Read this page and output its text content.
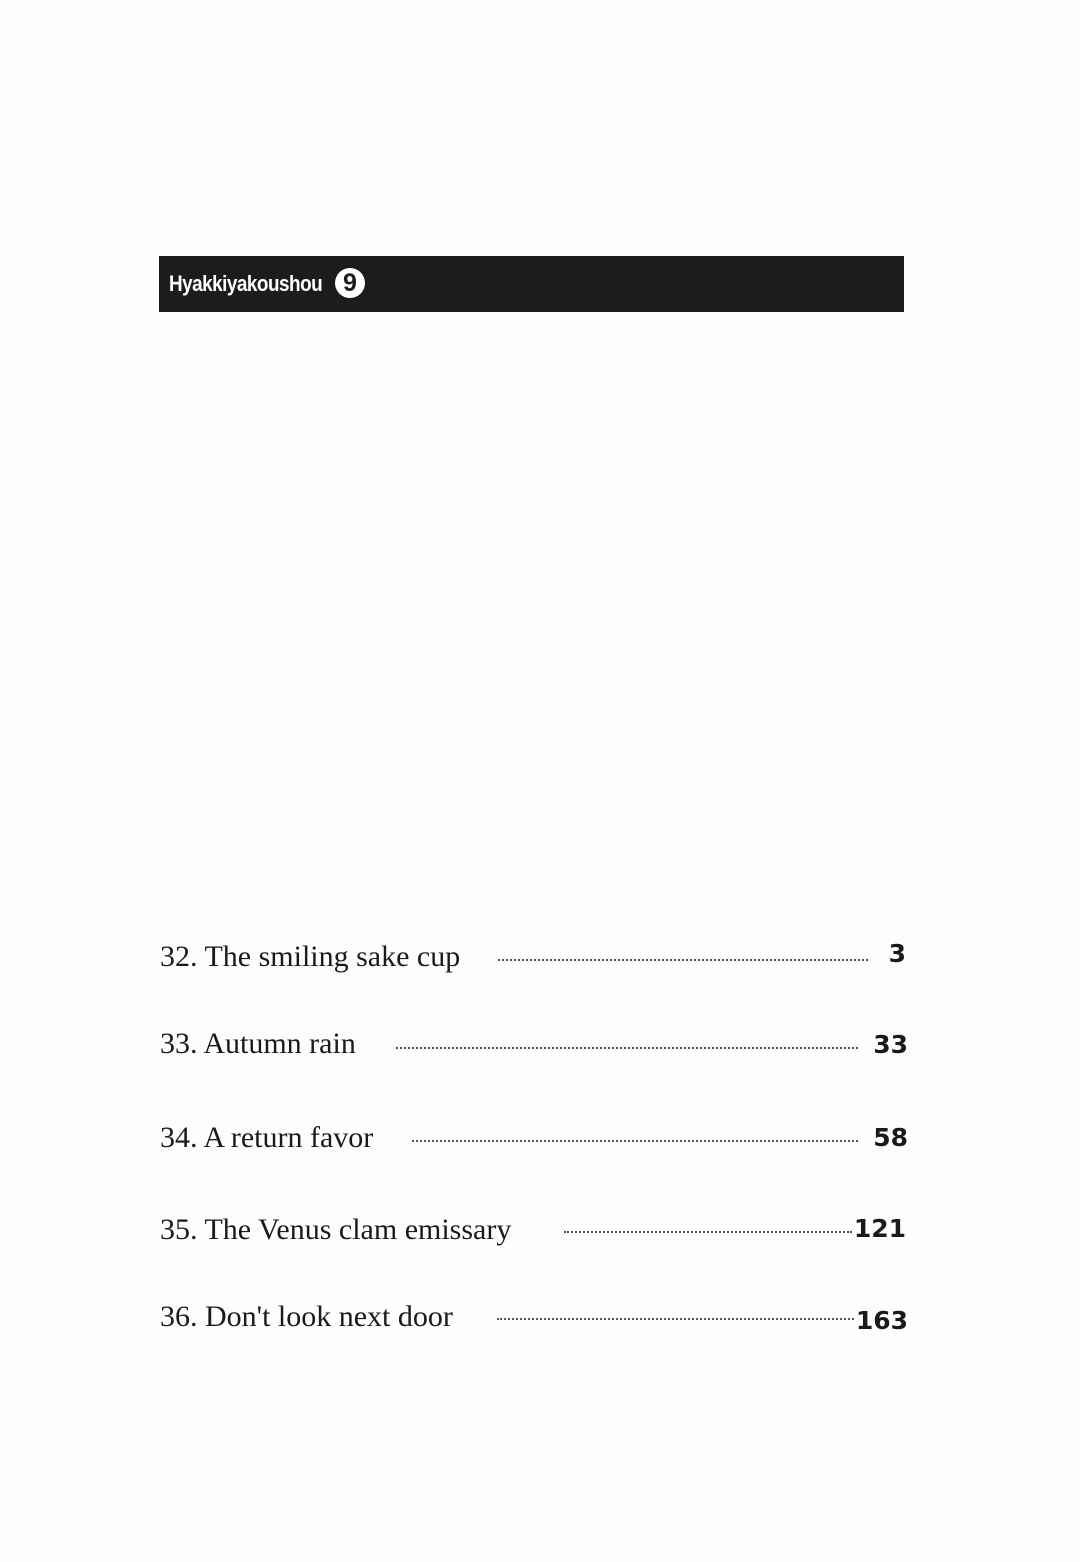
Hyakkiyakoushou 9
32. The smiling sake cup	3
33. Autumn rain	33
34. A return favor	58
35. The Venus clam emissary	121
36. Don't look next door	163
